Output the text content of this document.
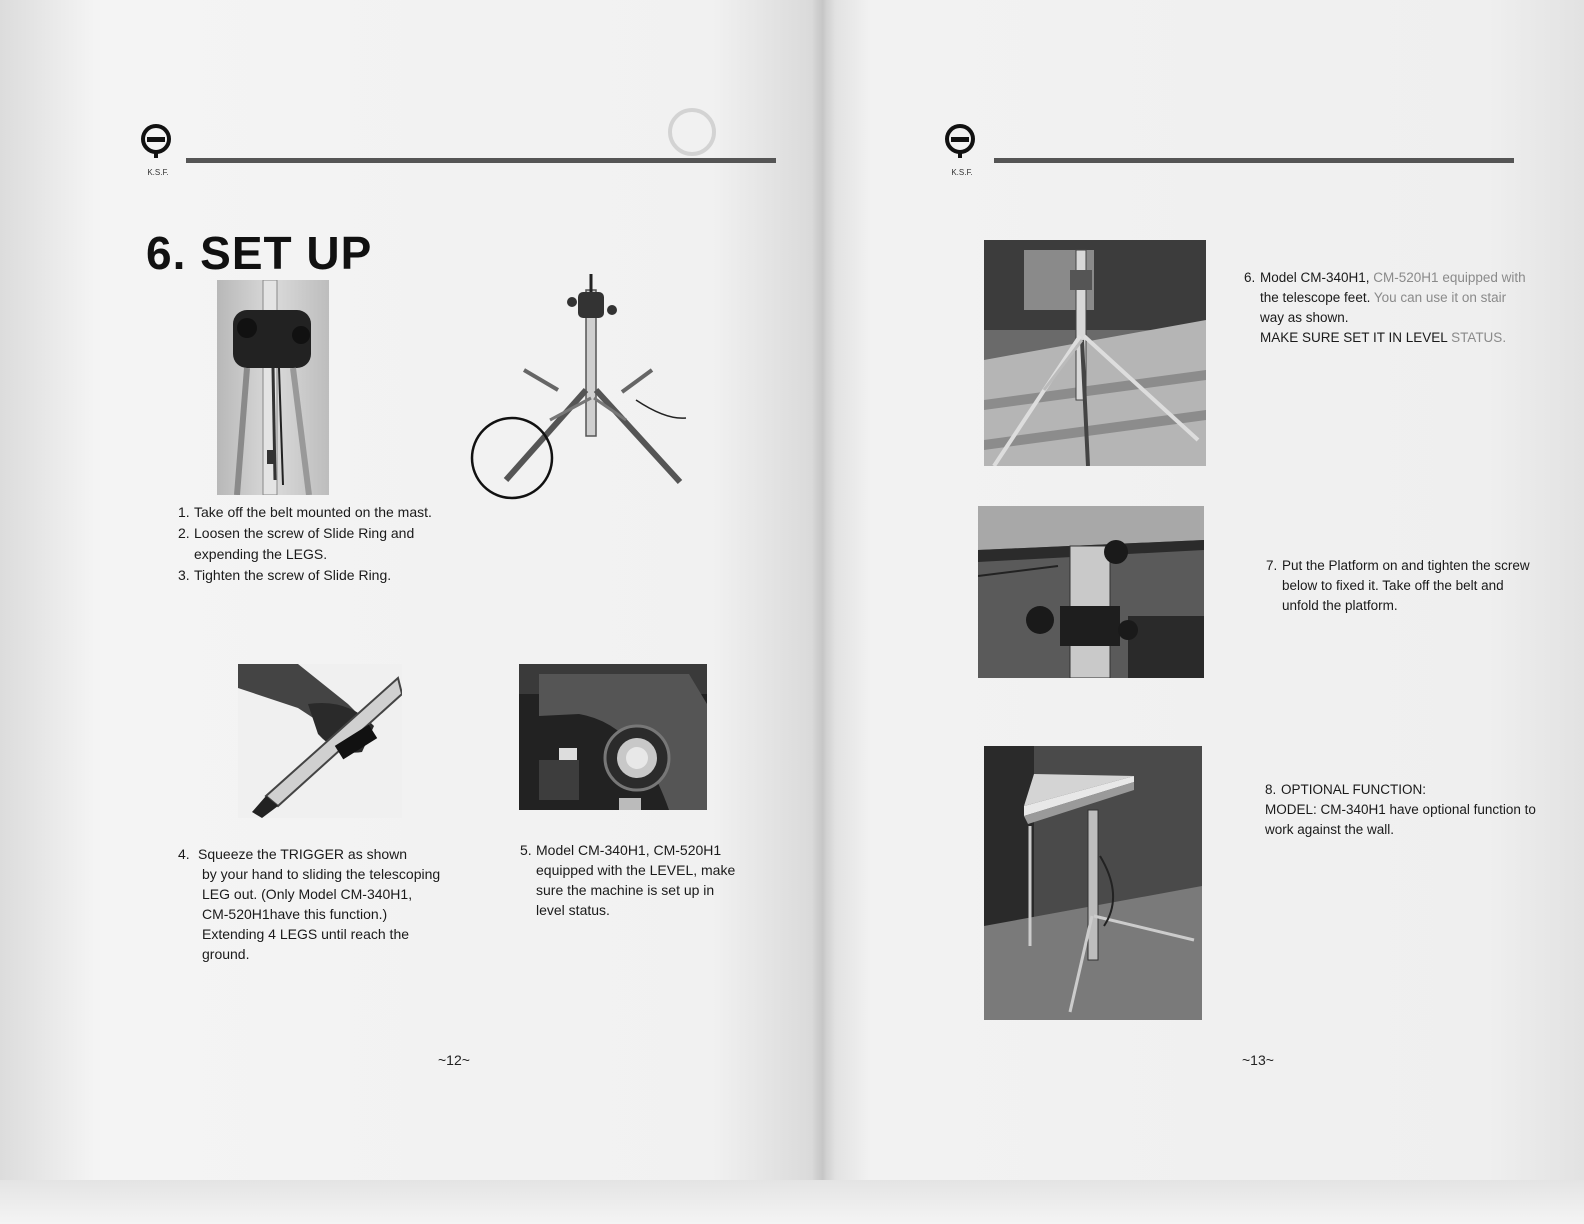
K.S.F.
6. SET UP
1. Take off the belt mounted on the mast.
2. Loosen the screw of Slide Ring and
expending the LEGS.
3. Tighten the screw of Slide Ring.
4. Squeeze the TRIGGER as shown
by your hand to sliding the telescoping
LEG out. (Only Model CM-340H1,
CM-520H1have this function.)
Extending 4 LEGS until reach the
ground.
5. Model CM-340H1, CM-520H1
equipped with the LEVEL, make
sure the machine is set up in
level status.
~12~
K.S.F.
6. Model CM-340H1, CM-520H1 equipped with
the telescope feet. You can use it on stair
way as shown.
MAKE SURE SET IT IN LEVEL STATUS.
7. Put the Platform on and tighten the screw
below to fixed it. Take off the belt and
unfold the platform.
8. OPTIONAL FUNCTION:
MODEL: CM-340H1 have optional function to
work against the wall.
~13~
